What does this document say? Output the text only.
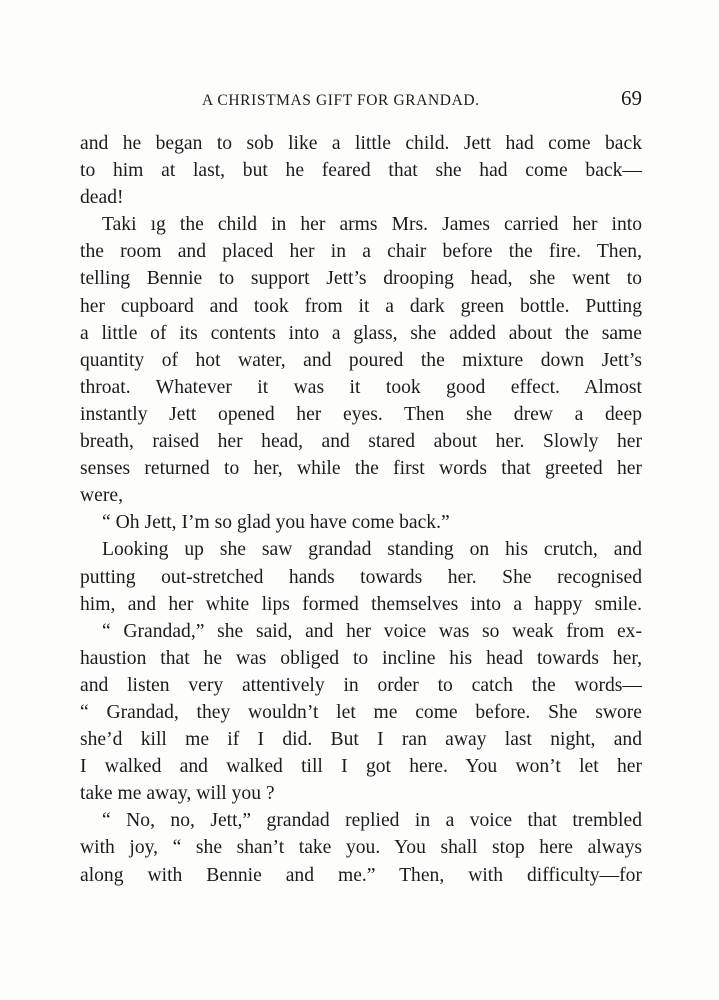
A CHRISTMAS GIFT FOR GRANDAD.	69
and he began to sob like a little child. Jett had come back
to him at last, but he feared that she had come back—
dead!
Taki ıg the child in her arms Mrs. James carried her into
the room and placed her in a chair before the fire. Then,
telling Bennie to support Jett’s drooping head, she went to
her cupboard and took from it a dark green bottle. Putting
a little of its contents into a glass, she added about the same
quantity of hot water, and poured the mixture down Jett’s
throat. Whatever it was it took good effect. Almost
instantly Jett opened her eyes. Then she drew a deep
breath, raised her head, and stared about her. Slowly her
senses returned to her, while the first words that greeted her
were,
“ Oh Jett, I’m so glad you have come back.”
Looking up she saw grandad standing on his crutch, and
putting out-stretched hands towards her. She recognised
him, and her white lips formed themselves into a happy smile.
“ Grandad,” she said, and her voice was so weak from ex-
haustion that he was obliged to incline his head towards her,
and listen very attentively in order to catch the words—
“ Grandad, they wouldn’t let me come before. She swore
she’d kill me if I did. But I ran away last night, and
I walked and walked till I got here. You won’t let her
take me away, will you ?
“ No, no, Jett,” grandad replied in a voice that trembled
with joy, “ she shan’t take you. You shall stop here always
along with Bennie and me.” Then, with difficulty—for
